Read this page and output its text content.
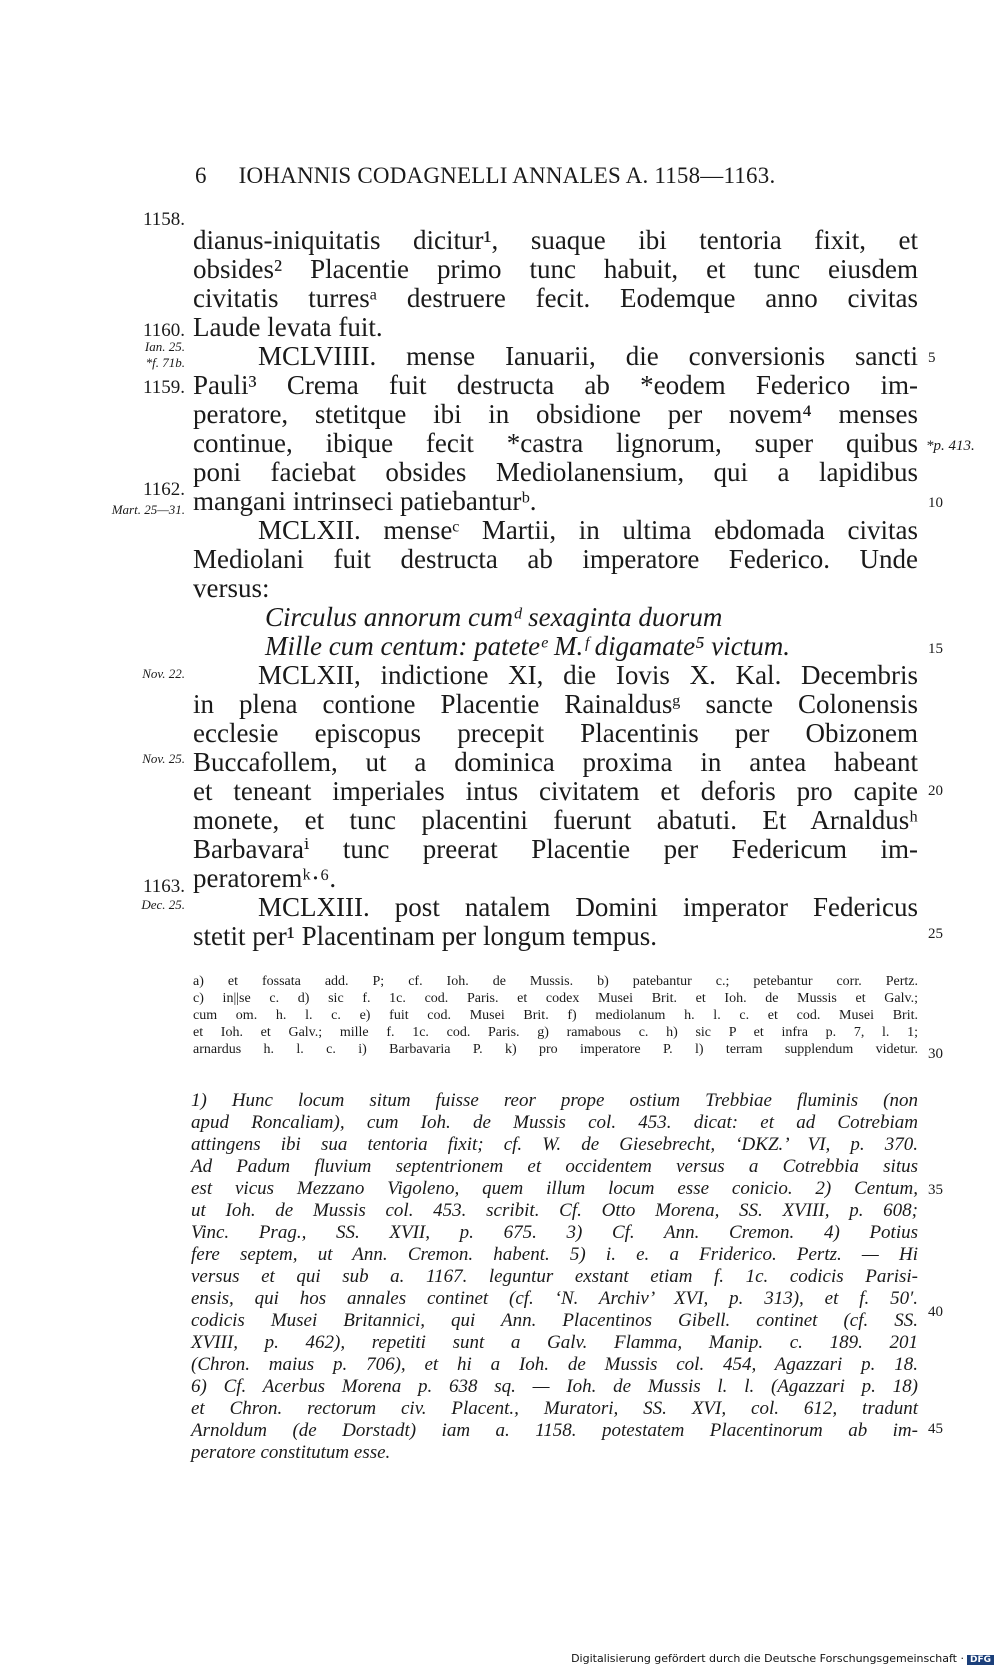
6 IOHANNIS CODAGNELLI ANNALES A. 1158—1163.
1158.
1160.
Ian. 25.
*f. 71b.
1159.
1162.
Mart. 25—31.
Nov. 22.
Nov. 25.
1163.
Dec. 25.
5
*p. 413.
10
15
20
25
30
35
40
45
dianus-iniquitatis dicitur¹, suaque ibi tentoria fixit, et
obsides² Placentie primo tunc habuit, et tunc eiusdem
civitatis turresᵃ destruere fecit. Eodemque anno civitas
Laude levata fuit.
MCLVIIII. mense Ianuarii, die conversionis sancti
Pauli³ Crema fuit destructa ab *eodem Federico im-
peratore, stetitque ibi in obsidione per novem⁴ menses
continue, ibique fecit *castra lignorum, super quibus
poni faciebat obsides Mediolanensium, qui a lapidibus
mangani intrinseci patiebanturᵇ.
MCLXII. menseᶜ Martii, in ultima ebdomada civitas
Mediolani fuit destructa ab imperatore Federico. Unde
versus:
Circulus annorum cumᵈ sexaginta duorum
Mille cum centum: pateteᵉ M.ᶠ digamate⁵ victum.
MCLXII, indictione XI, die Iovis X. Kal. Decembris
in plena contione Placentie Rainaldusᵍ sancte Colonensis
ecclesie episcopus precepit Placentinis per Obizonem
Buccafollem, ut a dominica proxima in antea habeant
et teneant imperiales intus civitatem et deforis pro capite
monete, et tunc placentini fuerunt abatuti. Et Arnaldusʰ
Barbavaraⁱ tunc preerat Placentie per Federicum im-
peratoremᵏ·⁶.
MCLXIII. post natalem Domini imperator Federicus
stetit per¹ Placentinam per longum tempus.
a) et fossata add. P; cf. Ioh. de Mussis. b) patebantur c.; petebantur corr. Pertz.
c) in||se c. d) sic f. 1c. cod. Paris. et codex Musei Brit. et Ioh. de Mussis et Galv.;
cum om. h. l. c. e) fuit cod. Musei Brit. f) mediolanum h. l. c. et cod. Musei Brit.
et Ioh. et Galv.; mille f. 1c. cod. Paris. g) ramabous c. h) sic P et infra p. 7, l. 1;
arnardus h. l. c. i) Barbavaria P. k) pro imperatore P. l) terram supplendum videtur.
1) Hunc locum situm fuisse reor prope ostium Trebbiae fluminis (non
apud Roncaliam), cum Ioh. de Mussis col. 453. dicat: et ad Cotrebiam
attingens ibi sua tentoria fixit; cf. W. de Giesebrecht, ‘DKZ.’ VI, p. 370.
Ad Padum fluvium septentrionem et occidentem versus a Cotrebbia situs
est vicus Mezzano Vigoleno, quem illum locum esse conicio. 2) Centum,
ut Ioh. de Mussis col. 453. scribit. Cf. Otto Morena, SS. XVIII, p. 608;
Vinc. Prag., SS. XVII, p. 675. 3) Cf. Ann. Cremon. 4) Potius
fere septem, ut Ann. Cremon. habent. 5) i. e. a Friderico. Pertz. — Hi
versus et qui sub a. 1167. leguntur exstant etiam f. 1c. codicis Parisi-
ensis, qui hos annales continet (cf. ‘N. Archiv’ XVI, p. 313), et f. 50′.
codicis Musei Britannici, qui Ann. Placentinos Gibell. continet (cf. SS.
XVIII, p. 462), repetiti sunt a Galv. Flamma, Manip. c. 189. 201
(Chron. maius p. 706), et hi a Ioh. de Mussis col. 454, Agazzari p. 18.
6) Cf. Acerbus Morena p. 638 sq. — Ioh. de Mussis l. l. (Agazzari p. 18)
et Chron. rectorum civ. Placent., Muratori, SS. XVI, col. 612, tradunt
Arnoldum (de Dorstadt) iam a. 1158. potestatem Placentinorum ab im-
peratore constitutum esse.
Digitalisierung gefördert durch die Deutsche Forschungsgemeinschaft · DFG
